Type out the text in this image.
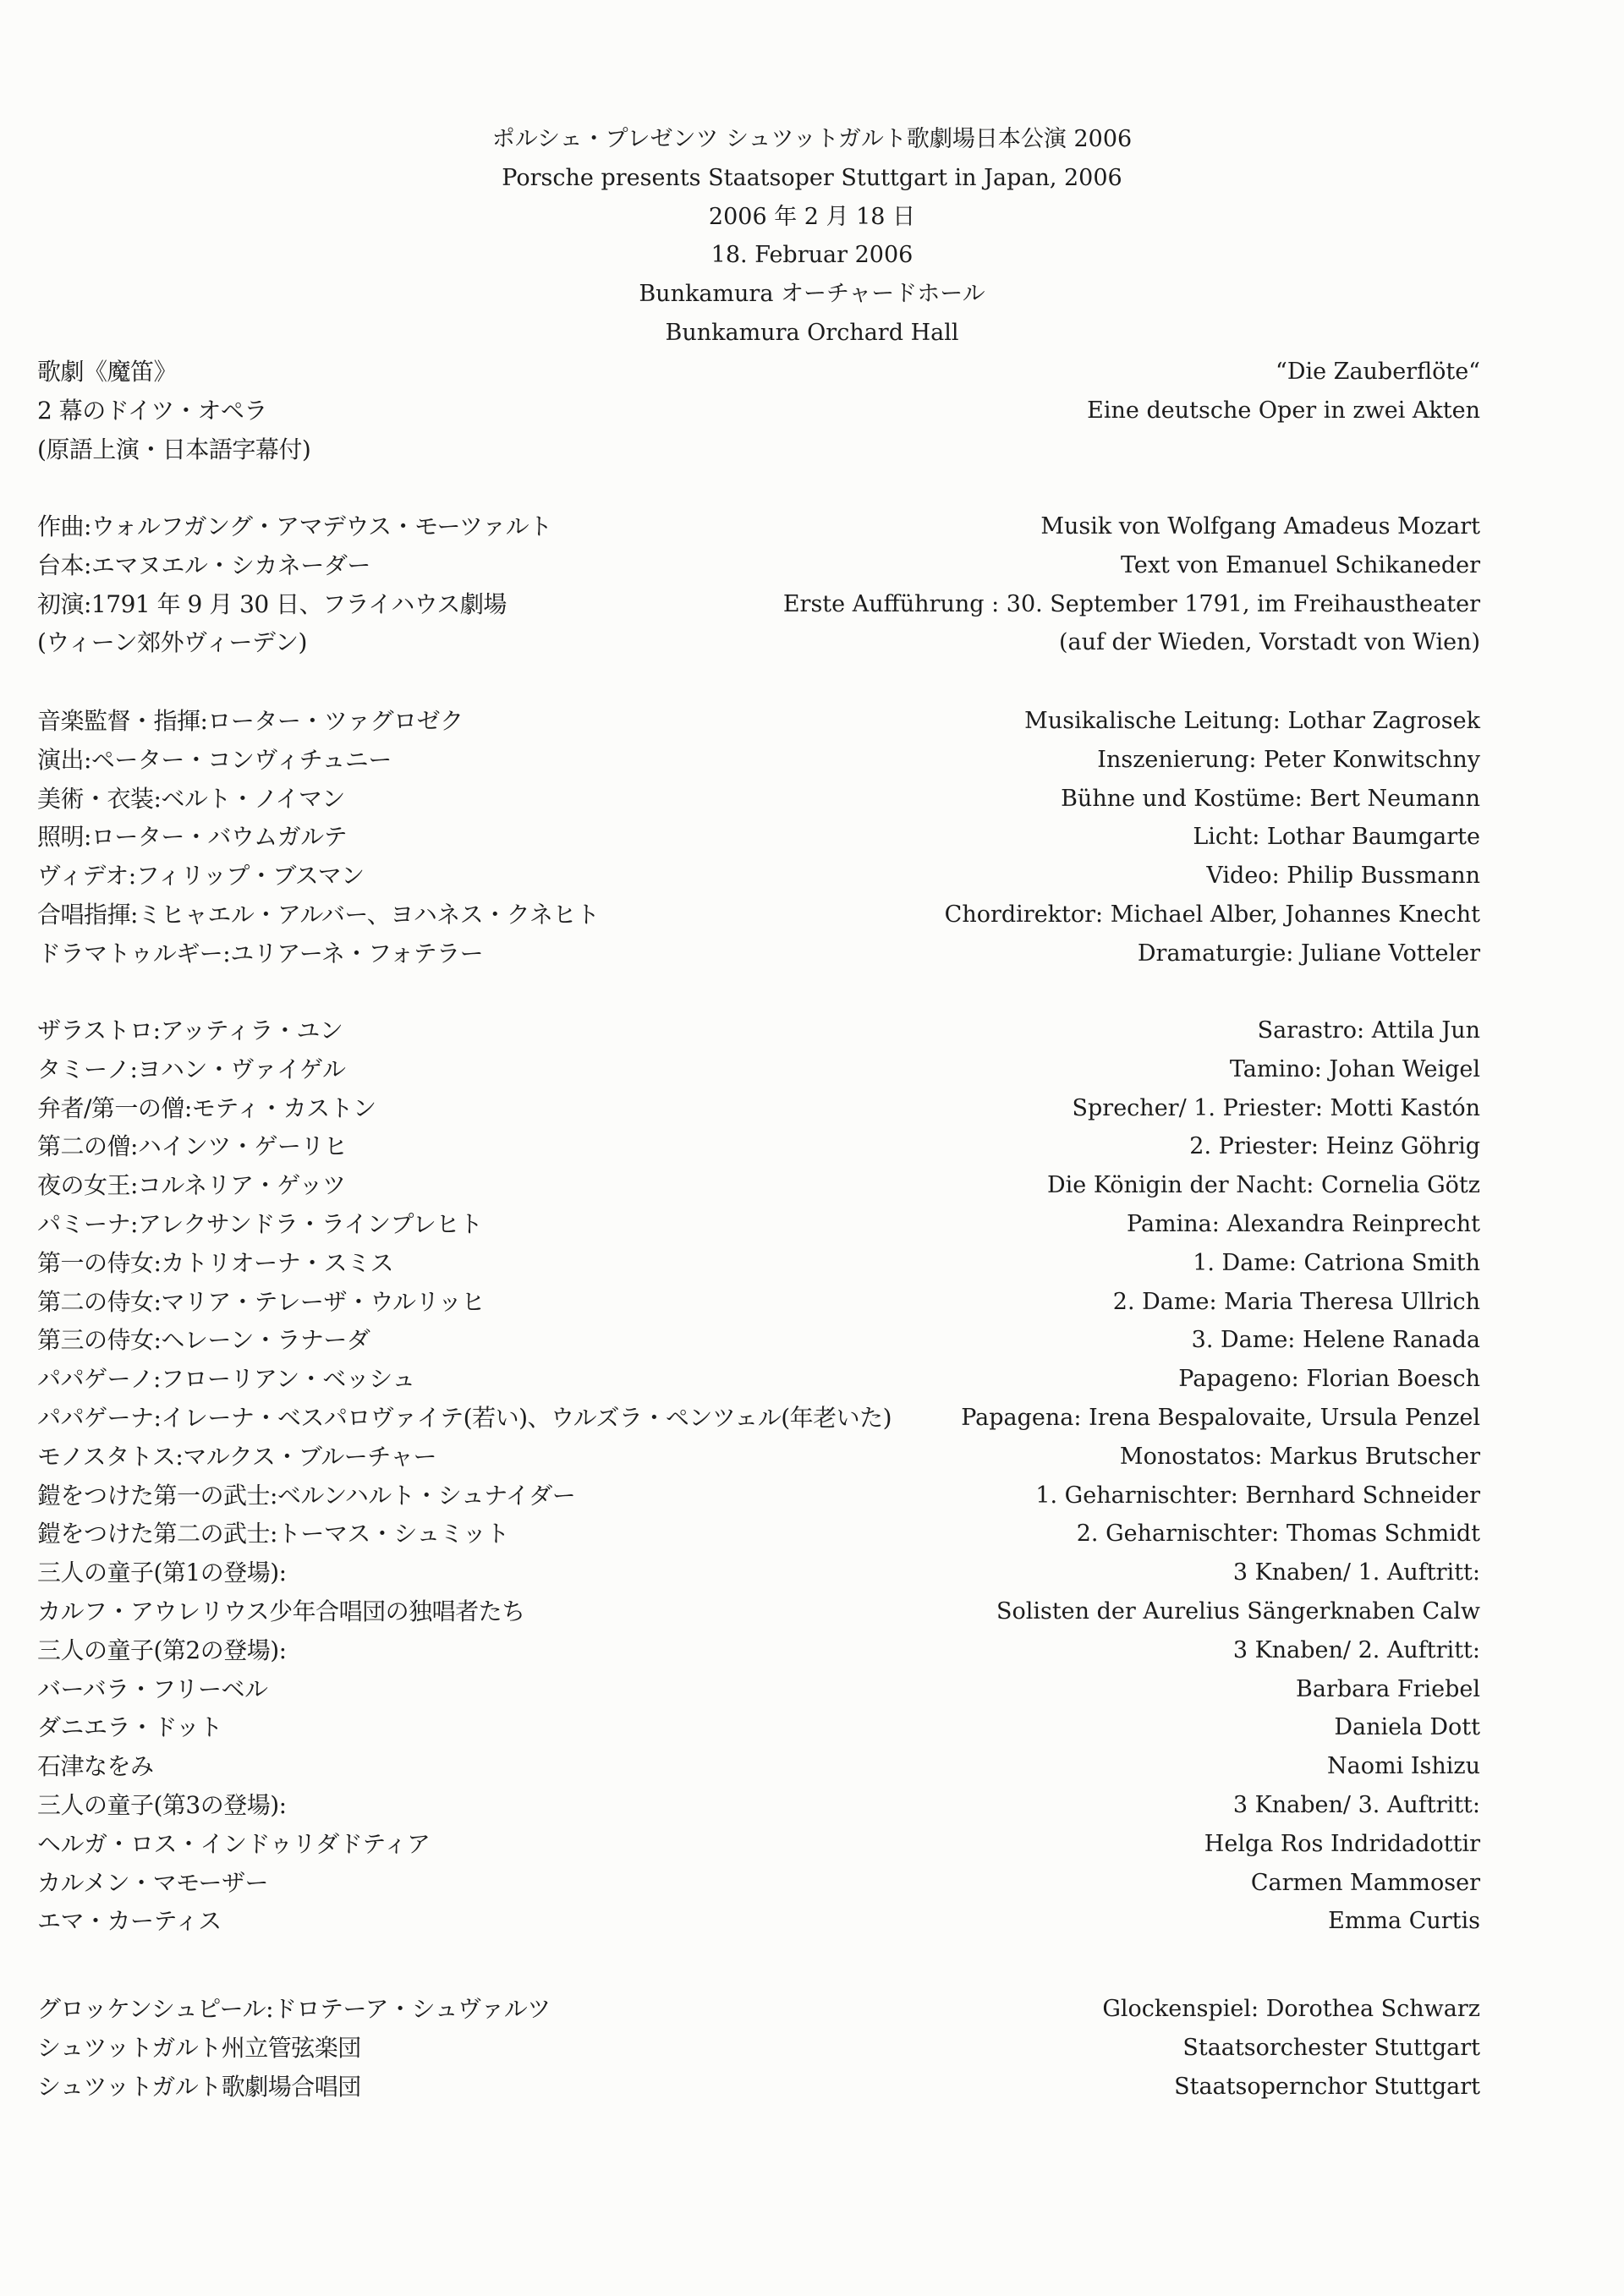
ポルシェ・プレゼンツ シュツットガルト歌劇場日本公演 2006
Porsche presents Staatsoper Stuttgart in Japan, 2006
2006 年 2 月 18 日
18. Februar 2006
Bunkamura オーチャードホール
Bunkamura Orchard Hall
歌劇《魔笛》	“Die Zauberflöte“
2 幕のドイツ・オペラ	Eine deutsche Oper in zwei Akten
(原語上演・日本語字幕付)
作曲:ウォルフガング・アマデウス・モーツァルト	Musik von Wolfgang Amadeus Mozart
台本:エマヌエル・シカネーダー	Text von Emanuel Schikaneder
初演:1791 年 9 月 30 日、フライハウス劇場	Erste Aufführung : 30. September 1791, im Freihaustheater
(ウィーン郊外ヴィーデン)	(auf der Wieden, Vorstadt von Wien)
音楽監督・指揮:ローター・ツァグロゼク	Musikalische Leitung: Lothar Zagrosek
演出:ペーター・コンヴィチュニー	Inszenierung: Peter Konwitschny
美術・衣装:ベルト・ノイマン	Bühne und Kostüme: Bert Neumann
照明:ローター・バウムガルテ	Licht: Lothar Baumgarte
ヴィデオ:フィリップ・ブスマン	Video: Philip Bussmann
合唱指揮:ミヒャエル・アルバー、ヨハネス・クネヒト	Chordirektor: Michael Alber, Johannes Knecht
ドラマトゥルギー:ユリアーネ・フォテラー	Dramaturgie: Juliane Votteler
ザラストロ:アッティラ・ユン	Sarastro: Attila Jun
タミーノ:ヨハン・ヴァイゲル	Tamino: Johan Weigel
弁者/第一の僧:モティ・カストン	Sprecher/ 1. Priester: Motti Kastón
第二の僧:ハインツ・ゲーリヒ	2. Priester: Heinz Göhrig
夜の女王:コルネリア・ゲッツ	Die Königin der Nacht: Cornelia Götz
パミーナ:アレクサンドラ・ラインプレヒト	Pamina: Alexandra Reinprecht
第一の侍女:カトリオーナ・スミス	1. Dame: Catriona Smith
第二の侍女:マリア・テレーザ・ウルリッヒ	2. Dame: Maria Theresa Ullrich
第三の侍女:ヘレーン・ラナーダ	3. Dame: Helene Ranada
パパゲーノ:フローリアン・ベッシュ	Papageno: Florian Boesch
パパゲーナ:イレーナ・ベスパロヴァイテ(若い)、ウルズラ・ペンツェル(年老いた)	Papagena: Irena Bespalovaite, Ursula Penzel
モノスタトス:マルクス・ブルーチャー	Monostatos: Markus Brutscher
鎧をつけた第一の武士:ベルンハルト・シュナイダー	1. Geharnischter: Bernhard Schneider
鎧をつけた第二の武士:トーマス・シュミット	2. Geharnischter: Thomas Schmidt
三人の童子(第1の登場):	3 Knaben/ 1. Auftritt:
カルフ・アウレリウス少年合唱団の独唱者たち	Solisten der Aurelius Sängerknaben Calw
三人の童子(第2の登場):	3 Knaben/ 2. Auftritt:
バーバラ・フリーベル	Barbara Friebel
ダニエラ・ドット	Daniela Dott
石津なをみ	Naomi Ishizu
三人の童子(第3の登場):	3 Knaben/ 3. Auftritt:
ヘルガ・ロス・インドゥリダドティア	Helga Ros Indridadottir
カルメン・マモーザー	Carmen Mammoser
エマ・カーティス	Emma Curtis
グロッケンシュピール:ドロテーア・シュヴァルツ	Glockenspiel: Dorothea Schwarz
シュツットガルト州立管弦楽団	Staatsorchester Stuttgart
シュツットガルト歌劇場合唱団	Staatsopernchor Stuttgart
